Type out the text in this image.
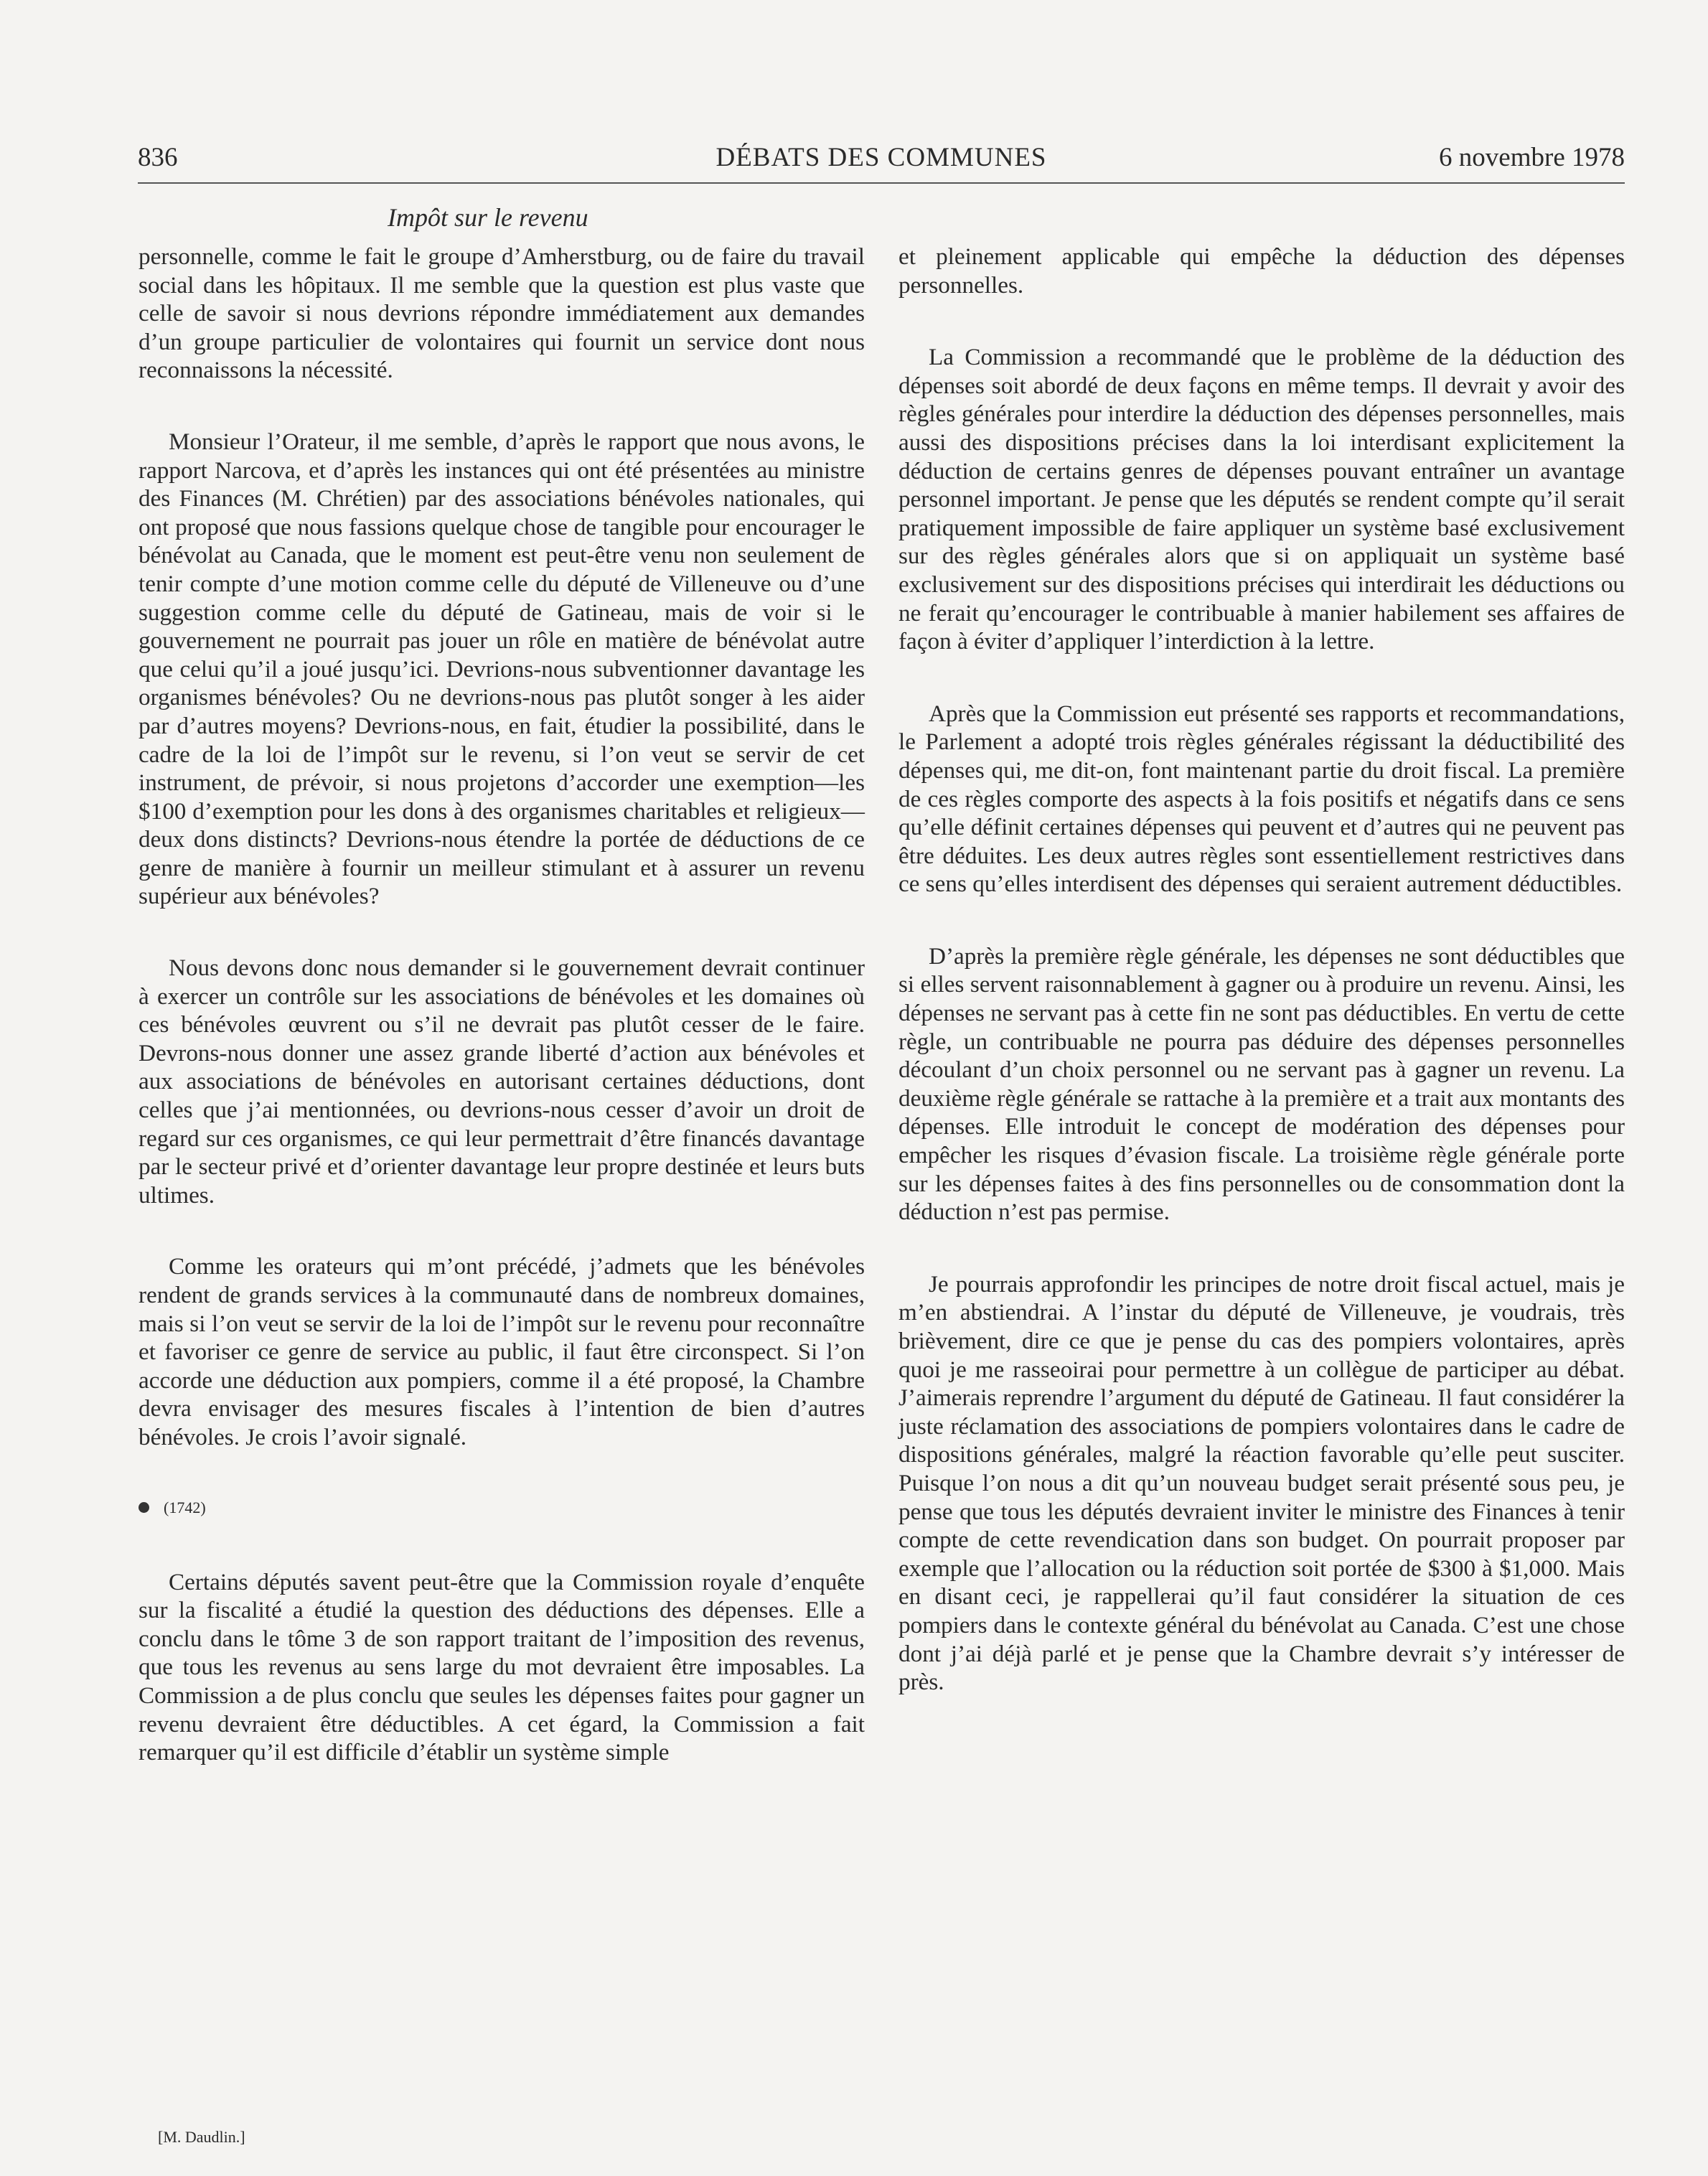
836	DÉBATS DES COMMUNES	6 novembre 1978
Impôt sur le revenu

personnelle, comme le fait le groupe d’Amherstburg, ou de faire du travail social dans les hôpitaux. Il me semble que la question est plus vaste que celle de savoir si nous devrions répondre immédiatement aux demandes d’un groupe particulier de volontaires qui fournit un service dont nous reconnaissons la nécessité.

Monsieur l’Orateur, il me semble, d’après le rapport que nous avons, le rapport Narcova, et d’après les instances qui ont été présentées au ministre des Finances (M. Chrétien) par des associations bénévoles nationales, qui ont proposé que nous fassions quelque chose de tangible pour encourager le bénévolat au Canada, que le moment est peut-être venu non seulement de tenir compte d’une motion comme celle du député de Villeneuve ou d’une suggestion comme celle du député de Gatineau, mais de voir si le gouvernement ne pourrait pas jouer un rôle en matière de bénévolat autre que celui qu’il a joué jusqu’ici. Devrions-nous subventionner davantage les organismes bénévoles? Ou ne devrions-nous pas plutôt songer à les aider par d’autres moyens? Devrions-nous, en fait, étudier la possibilité, dans le cadre de la loi de l’impôt sur le revenu, si l’on veut se servir de cet instrument, de prévoir, si nous projetons d’accorder une exemption—les $100 d’exemption pour les dons à des organismes charitables et religieux—deux dons distincts? Devrions-nous étendre la portée de déductions de ce genre de manière à fournir un meilleur stimulant et à assurer un revenu supérieur aux bénévoles?

Nous devons donc nous demander si le gouvernement devrait continuer à exercer un contrôle sur les associations de bénévoles et les domaines où ces bénévoles œuvrent ou s’il ne devrait pas plutôt cesser de le faire. Devrons-nous donner une assez grande liberté d’action aux bénévoles et aux associations de bénévoles en autorisant certaines déductions, dont celles que j’ai mentionnées, ou devrions-nous cesser d’avoir un droit de regard sur ces organismes, ce qui leur permettrait d’être financés davantage par le secteur privé et d’orienter davantage leur propre destinée et leurs buts ultimes.

Comme les orateurs qui m’ont précédé, j’admets que les bénévoles rendent de grands services à la communauté dans de nombreux domaines, mais si l’on veut se servir de la loi de l’impôt sur le revenu pour reconnaître et favoriser ce genre de service au public, il faut être circonspect. Si l’on accorde une déduction aux pompiers, comme il a été proposé, la Chambre devra envisager des mesures fiscales à l’intention de bien d’autres bénévoles. Je crois l’avoir signalé.

(1742)

Certains députés savent peut-être que la Commission royale d’enquête sur la fiscalité a étudié la question des déductions des dépenses. Elle a conclu dans le tôme 3 de son rapport traitant de l’imposition des revenus, que tous les revenus au sens large du mot devraient être imposables. La Commission a de plus conclu que seules les dépenses faites pour gagner un revenu devraient être déductibles. A cet égard, la Commission a fait remarquer qu’il est difficile d’établir un système simple

et pleinement applicable qui empêche la déduction des dépenses personnelles.

La Commission a recommandé que le problème de la déduction des dépenses soit abordé de deux façons en même temps. Il devrait y avoir des règles générales pour interdire la déduction des dépenses personnelles, mais aussi des dispositions précises dans la loi interdisant explicitement la déduction de certains genres de dépenses pouvant entraîner un avantage personnel important. Je pense que les députés se rendent compte qu’il serait pratiquement impossible de faire appliquer un système basé exclusivement sur des règles générales alors que si on appliquait un système basé exclusivement sur des dispositions précises qui interdirait les déductions ou ne ferait qu’encourager le contribuable à manier habilement ses affaires de façon à éviter d’appliquer l’interdiction à la lettre.

Après que la Commission eut présenté ses rapports et recommandations, le Parlement a adopté trois règles générales régissant la déductibilité des dépenses qui, me dit-on, font maintenant partie du droit fiscal. La première de ces règles comporte des aspects à la fois positifs et négatifs dans ce sens qu’elle définit certaines dépenses qui peuvent et d’autres qui ne peuvent pas être déduites. Les deux autres règles sont essentiellement restrictives dans ce sens qu’elles interdisent des dépenses qui seraient autrement déductibles.

D’après la première règle générale, les dépenses ne sont déductibles que si elles servent raisonnablement à gagner ou à produire un revenu. Ainsi, les dépenses ne servant pas à cette fin ne sont pas déductibles. En vertu de cette règle, un contribuable ne pourra pas déduire des dépenses personnelles découlant d’un choix personnel ou ne servant pas à gagner un revenu. La deuxième règle générale se rattache à la première et a trait aux montants des dépenses. Elle introduit le concept de modération des dépenses pour empêcher les risques d’évasion fiscale. La troisième règle générale porte sur les dépenses faites à des fins personnelles ou de consommation dont la déduction n’est pas permise.

Je pourrais approfondir les principes de notre droit fiscal actuel, mais je m’en abstiendrai. A l’instar du député de Villeneuve, je voudrais, très brièvement, dire ce que je pense du cas des pompiers volontaires, après quoi je me rasseoirai pour permettre à un collègue de participer au débat. J’aimerais reprendre l’argument du député de Gatineau. Il faut considérer la juste réclamation des associations de pompiers volontaires dans le cadre de dispositions générales, malgré la réaction favorable qu’elle peut susciter. Puisque l’on nous a dit qu’un nouveau budget serait présenté sous peu, je pense que tous les députés devraient inviter le ministre des Finances à tenir compte de cette revendication dans son budget. On pourrait proposer par exemple que l’allocation ou la réduction soit portée de $300 à $1,000. Mais en disant ceci, je rappellerai qu’il faut considérer la situation de ces pompiers dans le contexte général du bénévolat au Canada. C’est une chose dont j’ai déjà parlé et je pense que la Chambre devrait s’y intéresser de près.

[M. Daudlin.]
